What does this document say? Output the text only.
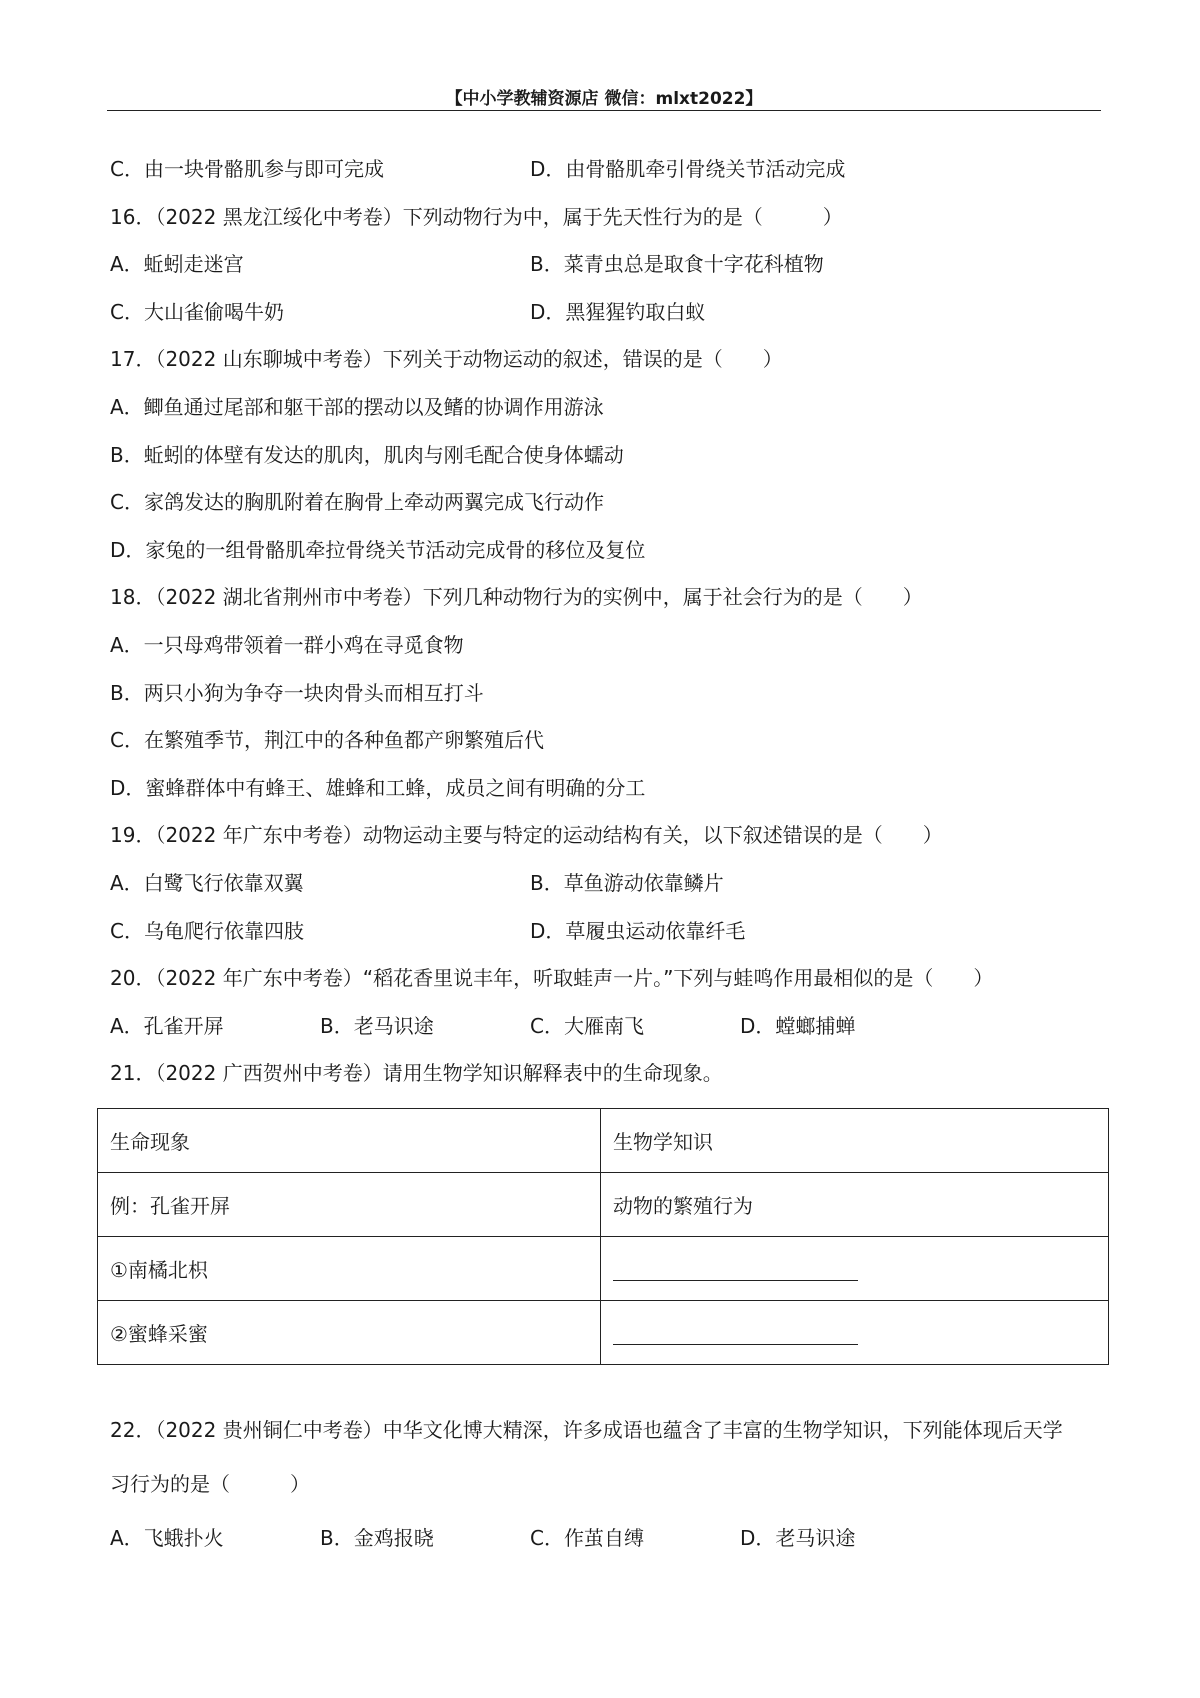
【中小学教辅资源店 微信：mlxt2022】
C．由一块骨骼肌参与即可完成	D．由骨骼肌牵引骨绕关节活动完成
16．（2022 黑龙江绥化中考卷）下列动物行为中，属于先天性行为的是（　　　）
A．蚯蚓走迷宫	B．菜青虫总是取食十字花科植物
C．大山雀偷喝牛奶	D．黑猩猩钓取白蚁
17．（2022 山东聊城中考卷）下列关于动物运动的叙述，错误的是（　　）
A．鲫鱼通过尾部和躯干部的摆动以及鳍的协调作用游泳
B．蚯蚓的体壁有发达的肌肉，肌肉与刚毛配合使身体蠕动
C．家鸽发达的胸肌附着在胸骨上牵动两翼完成飞行动作
D．家兔的一组骨骼肌牵拉骨绕关节活动完成骨的移位及复位
18．（2022 湖北省荆州市中考卷）下列几种动物行为的实例中，属于社会行为的是（　　）
A．一只母鸡带领着一群小鸡在寻觅食物
B．两只小狗为争夺一块肉骨头而相互打斗
C．在繁殖季节，荆江中的各种鱼都产卵繁殖后代
D．蜜蜂群体中有蜂王、雄蜂和工蜂，成员之间有明确的分工
19．（2022 年广东中考卷）动物运动主要与特定的运动结构有关，以下叙述错误的是（　　）
A．白鹭飞行依靠双翼	B．草鱼游动依靠鳞片
C．乌龟爬行依靠四肢	D．草履虫运动依靠纤毛
20．（2022 年广东中考卷）“稻花香里说丰年，听取蛙声一片。”下列与蛙鸣作用最相似的是（　　）
A．孔雀开屏	B．老马识途	C．大雁南飞	D．螳螂捕蝉
21．（2022 广西贺州中考卷）请用生物学知识解释表中的生命现象。
生命现象	生物学知识
例：孔雀开屏	动物的繁殖行为
①南橘北枳	
②蜜蜂采蜜	
22．（2022 贵州铜仁中考卷）中华文化博大精深，许多成语也蕴含了丰富的生物学知识，下列能体现后天学
习行为的是（　　　）
A．飞蛾扑火	B．金鸡报晓	C．作茧自缚	D．老马识途
